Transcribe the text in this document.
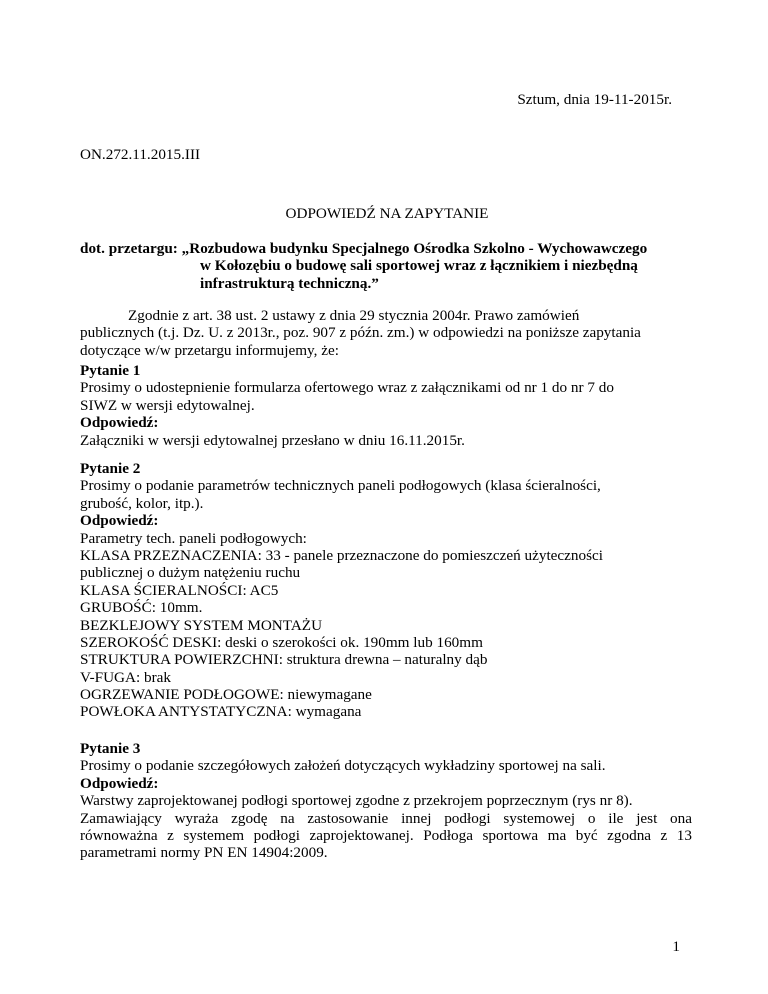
Sztum, dnia 19-11-2015r.
ON.272.11.2015.III
ODPOWIEDŹ NA ZAPYTANIE
dot. przetargu: „Rozbudowa budynku Specjalnego Ośrodka Szkolno - Wychowawczego
w Kołozębiu o budowę sali sportowej wraz z łącznikiem i niezbędną
infrastrukturą techniczną.”
Zgodnie z art. 38 ust. 2 ustawy z dnia 29 stycznia 2004r. Prawo zamówień
publicznych (t.j. Dz. U. z 2013r., poz. 907 z późn. zm.) w odpowiedzi na poniższe zapytania
dotyczące w/w przetargu informujemy, że:
Pytanie 1
Prosimy o udostepnienie formularza ofertowego wraz z załącznikami od nr 1 do nr 7 do
SIWZ w wersji edytowalnej.
Odpowiedź:
Załączniki w wersji edytowalnej przesłano w dniu 16.11.2015r.
Pytanie 2
Prosimy o podanie parametrów technicznych paneli podłogowych (klasa ścieralności,
grubość, kolor, itp.).
Odpowiedź:
Parametry tech. paneli podłogowych:
KLASA PRZEZNACZENIA: 33 - panele przeznaczone do pomieszczeń użyteczności
publicznej o dużym natężeniu ruchu
KLASA ŚCIERALNOŚCI: AC5
GRUBOŚĆ: 10mm.
BEZKLEJOWY SYSTEM MONTAŻU
SZEROKOŚĆ DESKI: deski o szerokości ok. 190mm lub 160mm
STRUKTURA POWIERZCHNI: struktura drewna – naturalny dąb
V-FUGA: brak
OGRZEWANIE PODŁOGOWE: niewymagane
POWŁOKA ANTYSTATYCZNA: wymagana
Pytanie 3
Prosimy o podanie szczegółowych założeń dotyczących wykładziny sportowej na sali.
Odpowiedź:
Warstwy zaprojektowanej podłogi sportowej zgodne z przekrojem poprzecznym (rys nr 8).
Zamawiający wyraża zgodę na zastosowanie innej podłogi systemowej o ile jest ona
równoważna z systemem podłogi zaprojektowanej. Podłoga sportowa ma być zgodna z 13
parametrami normy PN EN 14904:2009.
1
